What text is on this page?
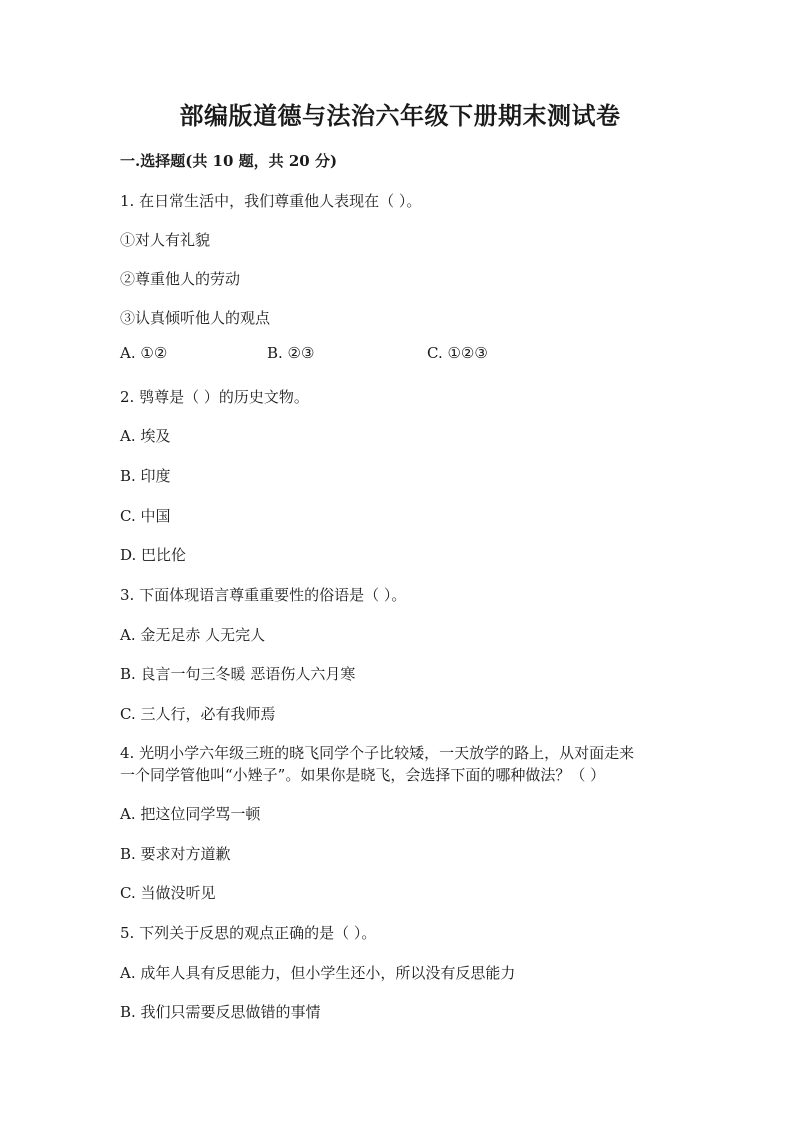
部编版道德与法治六年级下册期末测试卷
一.选择题(共 10 题，共 20 分)
1. 在日常生活中，我们尊重他人表现在（ ）。
①对人有礼貌
②尊重他人的劳动
③认真倾听他人的观点
A. ①②	B. ②③	C. ①②③
2. 鸮尊是（ ）的历史文物。
A. 埃及
B. 印度
C. 中国
D. 巴比伦
3. 下面体现语言尊重重要性的俗语是（ ）。
A. 金无足赤 人无完人
B. 良言一句三冬暖 恶语伤人六月寒
C. 三人行，必有我师焉
4. 光明小学六年级三班的晓飞同学个子比较矮，一天放学的路上，从对面走来
一个同学管他叫“小矬子”。如果你是晓飞，会选择下面的哪种做法？（ ）
A. 把这位同学骂一顿
B. 要求对方道歉
C. 当做没听见
5. 下列关于反思的观点正确的是（ ）。
A. 成年人具有反思能力，但小学生还小，所以没有反思能力
B. 我们只需要反思做错的事情
